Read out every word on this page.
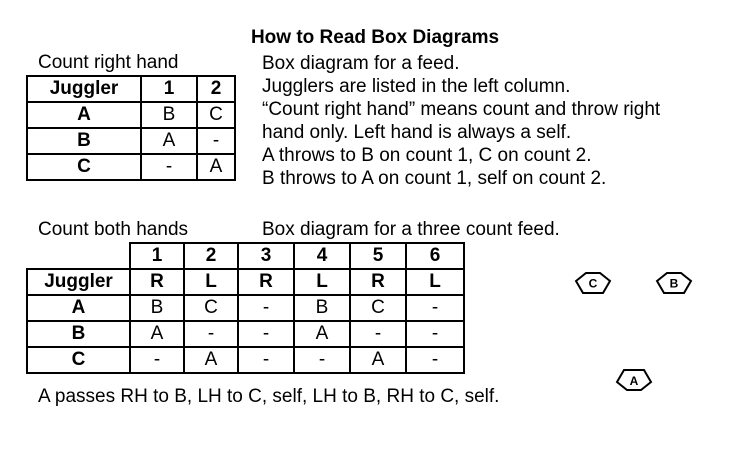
How to Read Box Diagrams
Count right hand
Juggler	1	2
A	B	C
B	A	-
C	-	A
Box diagram for a feed.
Jugglers are listed in the left column.
“Count right hand” means count and throw right
hand only. Left hand is always a self.
A throws to B on count 1, C on count 2.
B throws to A on count 1, self on count 2.
Count both hands	Box diagram for a three count feed.
	1	2	3	4	5	6
Juggler	R	L	R	L	R	L
A	B	C	-	B	C	-
B	A	-	-	A	-	-
C	-	A	-	-	A	-
A passes RH to B, LH to C, self, LH to B, RH to C, self.
C	B
A
